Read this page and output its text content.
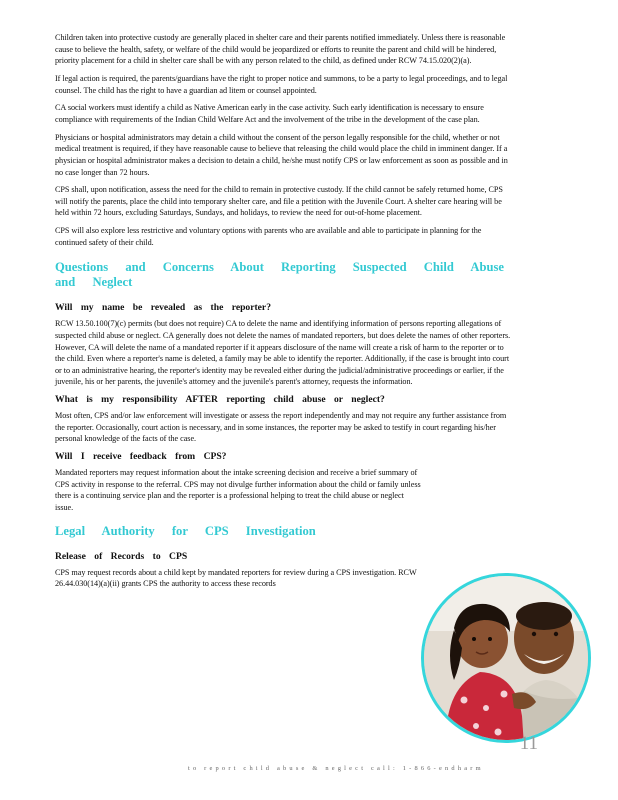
Children taken into protective custody are generally placed in shelter care and their parents notified immediately. Unless there is reasonable cause to believe the health, safety, or welfare of the child would be jeopardized or efforts to reunite the parent and child will be hindered, priority placement for a child in shelter care shall be with any person related to the child, as defined under RCW 74.15.020(2)(a).

If legal action is required, the parents/guardians have the right to proper notice and summons, to be a party to legal proceedings, and to legal counsel. The child has the right to have a guardian ad litem or counsel appointed.

CA social workers must identify a child as Native American early in the case activity. Such early identification is necessary to ensure compliance with requirements of the Indian Child Welfare Act and the involvement of the tribe in the development of the case plan.

Physicians or hospital administrators may detain a child without the consent of the person legally responsible for the child, whether or not medical treatment is required, if they have reasonable cause to believe that releasing the child would place the child in imminent danger. If a physician or hospital administrator makes a decision to detain a child, he/she must notify CPS or law enforcement as soon as possible and in no case longer than 72 hours.

CPS shall, upon notification, assess the need for the child to remain in protective custody. If the child cannot be safely returned home, CPS will notify the parents, place the child into temporary shelter care, and file a petition with the Juvenile Court. A shelter care hearing will be held within 72 hours, excluding Saturdays, Sundays, and holidays, to review the need for out-of-home placement.

CPS will also explore less restrictive and voluntary options with parents who are available and able to participate in planning for the continued safety of their child.

Questions and Concerns About Reporting Suspected Child Abuse and Neglect
Will my name be revealed as the reporter?

RCW 13.50.100(7)(c) permits (but does not require) CA to delete the name and identifying information of persons reporting allegations of suspected child abuse or neglect. CA generally does not delete the names of mandated reporters, but does delete the names of other reporters. However, CA will delete the name of a mandated reporter if it appears disclosure of the name will create a risk of harm to the reporter or to the child. Even where a reporter's name is deleted, a family may be able to identify the reporter. Additionally, if the case is brought into court or to an administrative hearing, the reporter's identity may be revealed either during the judicial/administrative proceedings or earlier, if the juvenile, his or her parents, the juvenile's attorney and the juvenile's parent's attorney, requests the information.

What is my responsibility AFTER reporting child abuse or neglect?

Most often, CPS and/or law enforcement will investigate or assess the report independently and may not require any further assistance from the reporter. Occasionally, court action is necessary, and in some instances, the reporter may be asked to testify in court regarding his/her personal knowledge of the facts of the case.

Will I receive feedback from CPS?

Mandated reporters may request information about the intake screening decision and receive a brief summary of CPS activity in response to the referral. CPS may not divulge further information about the child or family unless there is a continuing service plan and the reporter is a professional helping to treat the child abuse or neglect issue.

Legal Authority for CPS Investigation
Release of Records to CPS

CPS may request records about a child kept by mandated reporters for review during a CPS investigation. RCW 26.44.030(14)(a)(ii) grants CPS the authority to access these records

11
to report child abuse & neglect call: 1-866-endharm
